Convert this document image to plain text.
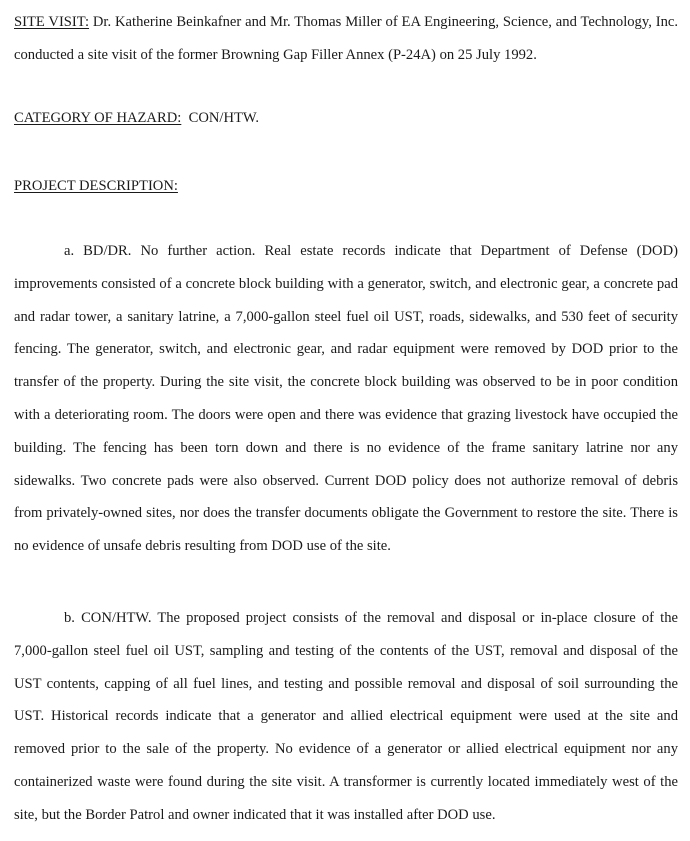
SITE VISIT: Dr. Katherine Beinkafner and Mr. Thomas Miller of EA Engineering, Science, and Technology, Inc. conducted a site visit of the former Browning Gap Filler Annex (P-24A) on 25 July 1992.

CATEGORY OF HAZARD:  CON/HTW.

PROJECT DESCRIPTION:

a. BD/DR. No further action. Real estate records indicate that Department of Defense (DOD) improvements consisted of a concrete block building with a generator, switch, and electronic gear, a concrete pad and radar tower, a sanitary latrine, a 7,000-gallon steel fuel oil UST, roads, sidewalks, and 530 feet of security fencing. The generator, switch, and electronic gear, and radar equipment were removed by DOD prior to the transfer of the property. During the site visit, the concrete block building was observed to be in poor condition with a deteriorating room. The doors were open and there was evidence that grazing livestock have occupied the building. The fencing has been torn down and there is no evidence of the frame sanitary latrine nor any sidewalks. Two concrete pads were also observed. Current DOD policy does not authorize removal of debris from privately-owned sites, nor does the transfer documents obligate the Government to restore the site. There is no evidence of unsafe debris resulting from DOD use of the site.

b. CON/HTW. The proposed project consists of the removal and disposal or in-place closure of the 7,000-gallon steel fuel oil UST, sampling and testing of the contents of the UST, removal and disposal of the UST contents, capping of all fuel lines, and testing and possible removal and disposal of soil surrounding the UST. Historical records indicate that a generator and allied electrical equipment were used at the site and removed prior to the sale of the property. No evidence of a generator or allied electrical equipment nor any containerized waste were found during the site visit. A transformer is currently located immediately west of the site, but the Border Patrol and owner indicated that it was installed after DOD use.
